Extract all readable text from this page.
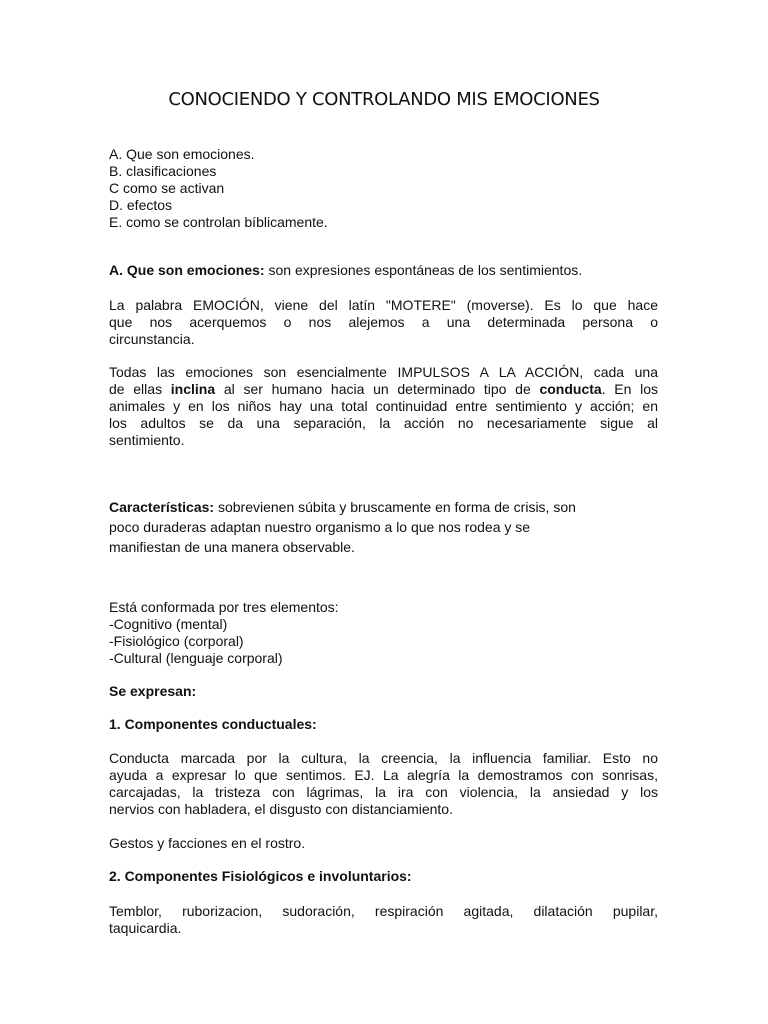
CONOCIENDO Y CONTROLANDO MIS EMOCIONES
A. Que son emociones.
B. clasificaciones
C como se activan
D. efectos
E. como se controlan bíblicamente.
A. Que son emociones: son expresiones espontáneas de los sentimientos.
La palabra EMOCIÓN, viene del latín "MOTERE" (moverse). Es lo que hace
que nos acerquemos o nos alejemos a una determinada persona o
circunstancia.
Todas las emociones son esencialmente IMPULSOS A LA ACCIÓN, cada una
de ellas inclina al ser humano hacia un determinado tipo de conducta. En los
animales y en los niños hay una total continuidad entre sentimiento y acción; en
los adultos se da una separación, la acción no necesariamente sigue al
sentimiento.
Características: sobrevienen súbita y bruscamente en forma de crisis, son
poco duraderas adaptan nuestro organismo a lo que nos rodea y se
manifiestan de una manera observable.
Está conformada por tres elementos:
-Cognitivo (mental)
-Fisiológico (corporal)
-Cultural (lenguaje corporal)
Se expresan:
1. Componentes conductuales:
Conducta marcada por la cultura, la creencia, la influencia familiar. Esto no
ayuda a expresar lo que sentimos. EJ. La alegría la demostramos con sonrisas,
carcajadas, la tristeza con lágrimas, la ira con violencia, la ansiedad y los
nervios con habladera, el disgusto con distanciamiento.
Gestos y facciones en el rostro.
2. Componentes Fisiológicos e involuntarios:
Temblor, ruborizacion, sudoración, respiración agitada, dilatación pupilar,
taquicardia.
